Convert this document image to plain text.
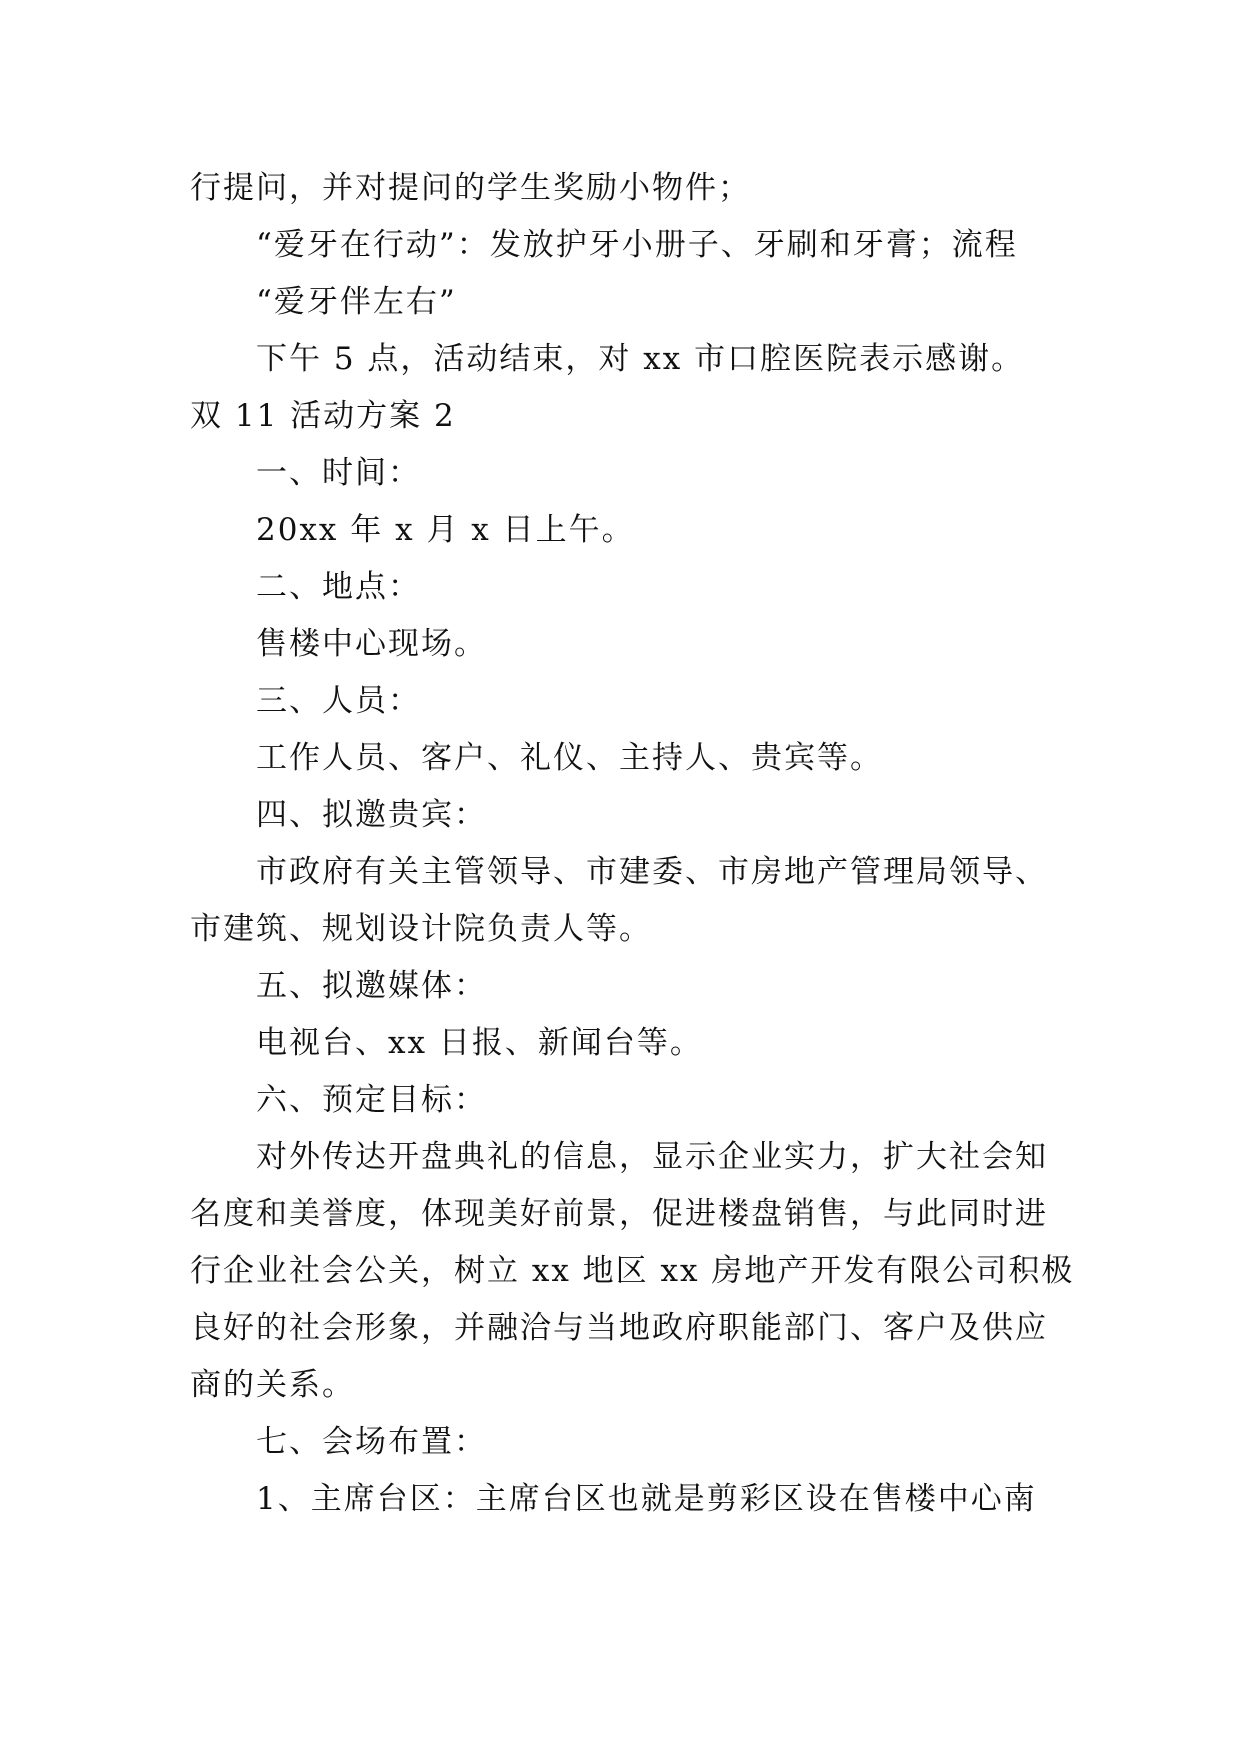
行提问，并对提问的学生奖励小物件；
“爱牙在行动”：发放护牙小册子、牙刷和牙膏；流程
“爱牙伴左右”
下午 5 点，活动结束，对 xx 市口腔医院表示感谢。
双 11 活动方案 2
一、时间：
20xx 年 x 月 x 日上午。
二、地点：
售楼中心现场。
三、人员：
工作人员、客户、礼仪、主持人、贵宾等。
四、拟邀贵宾：
市政府有关主管领导、市建委、市房地产管理局领导、
市建筑、规划设计院负责人等。
五、拟邀媒体：
电视台、xx 日报、新闻台等。
六、预定目标：
对外传达开盘典礼的信息，显示企业实力，扩大社会知
名度和美誉度，体现美好前景，促进楼盘销售，与此同时进
行企业社会公关，树立 xx 地区 xx 房地产开发有限公司积极
良好的社会形象，并融洽与当地政府职能部门、客户及供应
商的关系。
七、会场布置：
1、主席台区：主席台区也就是剪彩区设在售楼中心南
